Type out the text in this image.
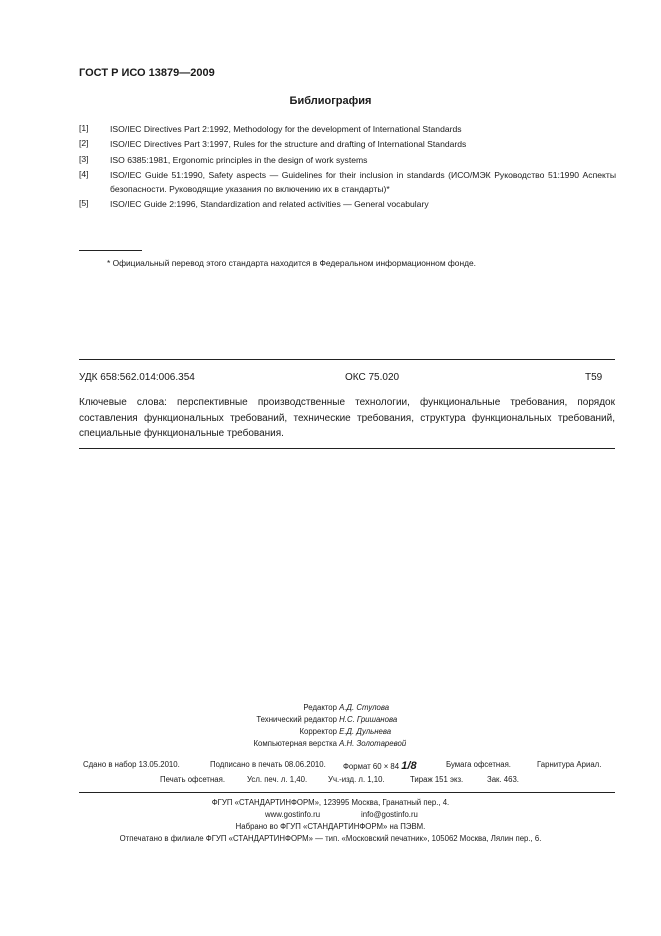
ГОСТ Р ИСО 13879—2009
Библиография
[1] ISO/IEC Directives Part 2:1992, Methodology for the development of International Standards
[2] ISO/IEC Directives Part 3:1997, Rules for the structure and drafting of International Standards
[3] ISO 6385:1981, Ergonomic principles in the design of work systems
[4] ISO/IEC Guide 51:1990, Safety aspects — Guidelines for their inclusion in standards (ИСО/МЭК Руководство 51:1990 Аспекты безопасности. Руководящие указания по включению их в стандарты)*
[5] ISO/IEC Guide 2:1996, Standardization and related activities — General vocabulary
* Официальный перевод этого стандарта находится в Федеральном информационном фонде.
УДК 658:562.014:006.354	ОКС 75.020	Т59
Ключевые слова: перспективные производственные технологии, функциональные требования, порядок составления функциональных требований, технические требования, структура функциональных требований, специальные функциональные требования.
Редактор А.Д. Стулова
Технический редактор Н.С. Гришанова
Корректор Е.Д. Дульнева
Компьютерная верстка А.Н. Золотаревой
Сдано в набор 13.05.2010.	Подписано в печать 08.06.2010. Формат 60 × 84 1/8	Бумага офсетная.	Гарнитура Ариал.
Печать офсетная.	Усл. печ. л. 1,40.	Уч.-изд. л. 1,10.	Тираж 151 экз.	Зак. 463.
ФГУП «СТАНДАРТИНФОРМ», 123995 Москва, Гранатный пер., 4.
www.gostinfo.ru	info@gostinfo.ru
Набрано во ФГУП «СТАНДАРТИНФОРМ» на ПЭВМ.
Отпечатано в филиале ФГУП «СТАНДАРТИНФОРМ» — тип. «Московский печатник», 105062 Москва, Лялин пер., 6.
